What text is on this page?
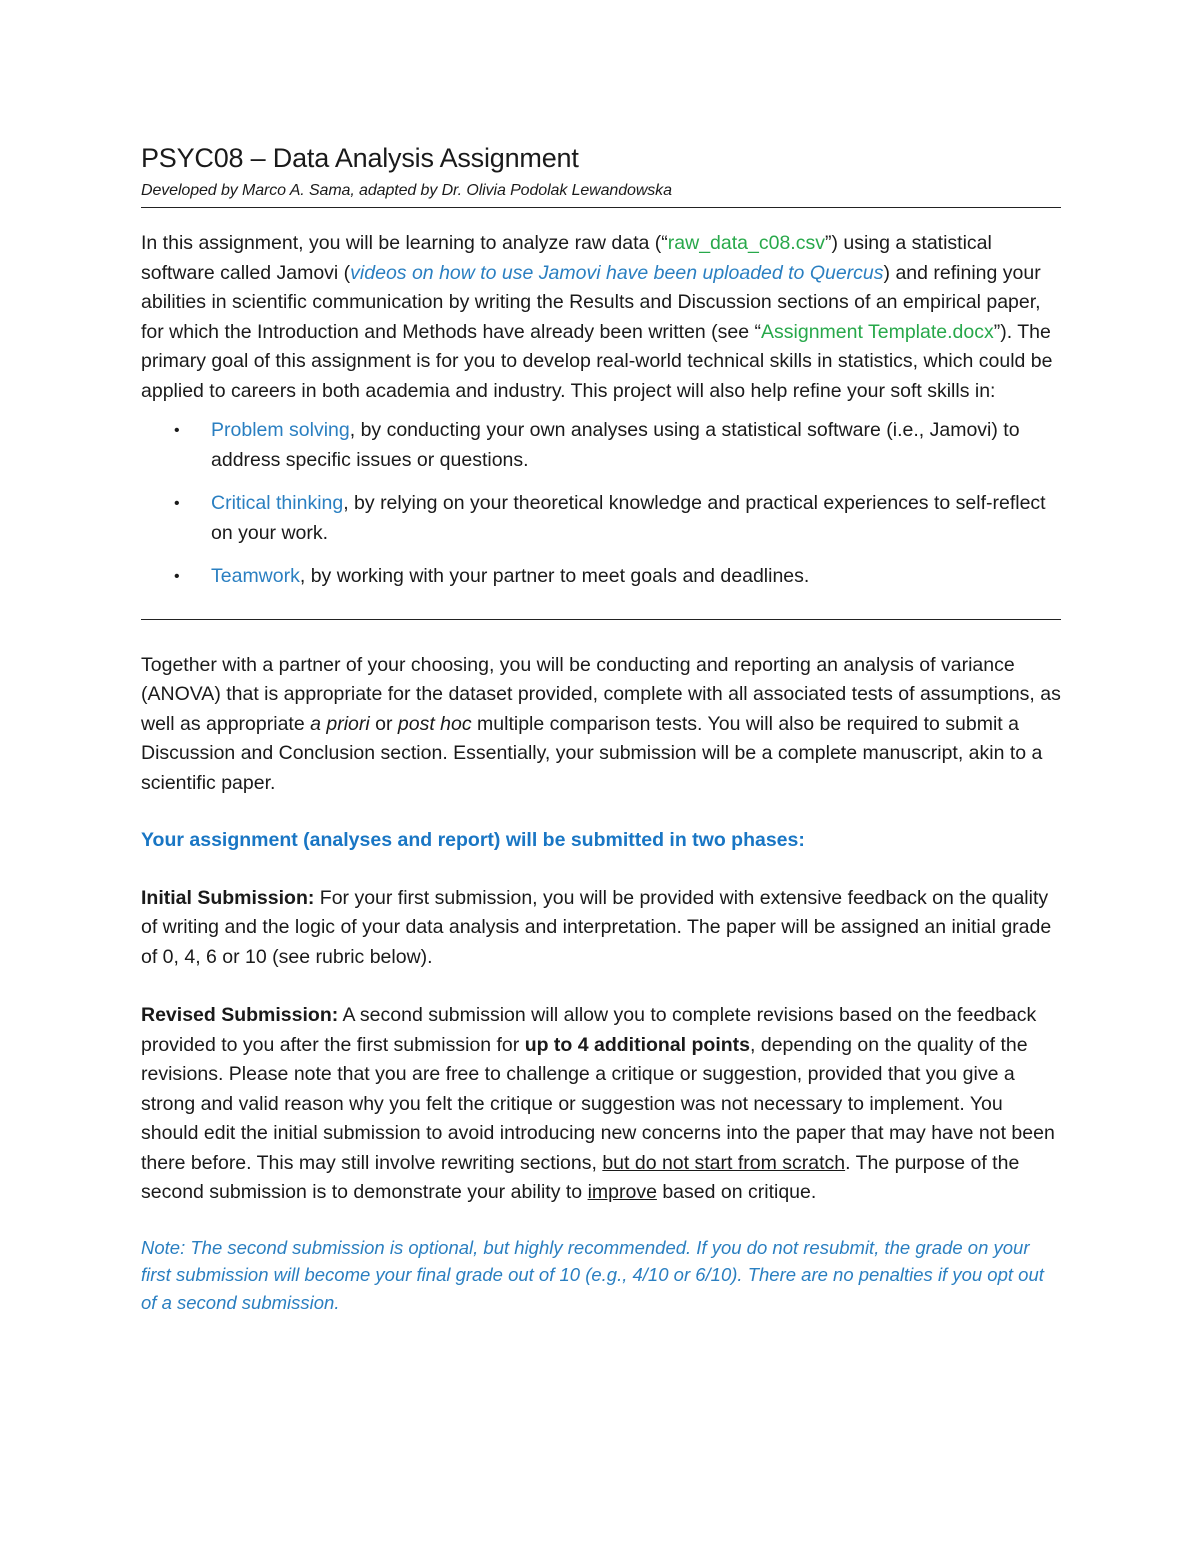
PSYC08 – Data Analysis Assignment
Developed by Marco A. Sama, adapted by Dr. Olivia Podolak Lewandowska

In this assignment, you will be learning to analyze raw data (“raw_data_c08.csv”) using a statistical software called Jamovi (videos on how to use Jamovi have been uploaded to Quercus) and refining your abilities in scientific communication by writing the Results and Discussion sections of an empirical paper, for which the Introduction and Methods have already been written (see “Assignment Template.docx”). The primary goal of this assignment is for you to develop real-world technical skills in statistics, which could be applied to careers in both academia and industry. This project will also help refine your soft skills in:

• Problem solving, by conducting your own analyses using a statistical software (i.e., Jamovi) to address specific issues or questions.
• Critical thinking, by relying on your theoretical knowledge and practical experiences to self-reflect on your work.
• Teamwork, by working with your partner to meet goals and deadlines.

Together with a partner of your choosing, you will be conducting and reporting an analysis of variance (ANOVA) that is appropriate for the dataset provided, complete with all associated tests of assumptions, as well as appropriate a priori or post hoc multiple comparison tests. You will also be required to submit a Discussion and Conclusion section. Essentially, your submission will be a complete manuscript, akin to a scientific paper.

Your assignment (analyses and report) will be submitted in two phases:

Initial Submission: For your first submission, you will be provided with extensive feedback on the quality of writing and the logic of your data analysis and interpretation. The paper will be assigned an initial grade of 0, 4, 6 or 10 (see rubric below).

Revised Submission: A second submission will allow you to complete revisions based on the feedback provided to you after the first submission for up to 4 additional points, depending on the quality of the revisions. Please note that you are free to challenge a critique or suggestion, provided that you give a strong and valid reason why you felt the critique or suggestion was not necessary to implement. You should edit the initial submission to avoid introducing new concerns into the paper that may have not been there before. This may still involve rewriting sections, but do not start from scratch. The purpose of the second submission is to demonstrate your ability to improve based on critique.

Note: The second submission is optional, but highly recommended. If you do not resubmit, the grade on your first submission will become your final grade out of 10 (e.g., 4/10 or 6/10). There are no penalties if you opt out of a second submission.
